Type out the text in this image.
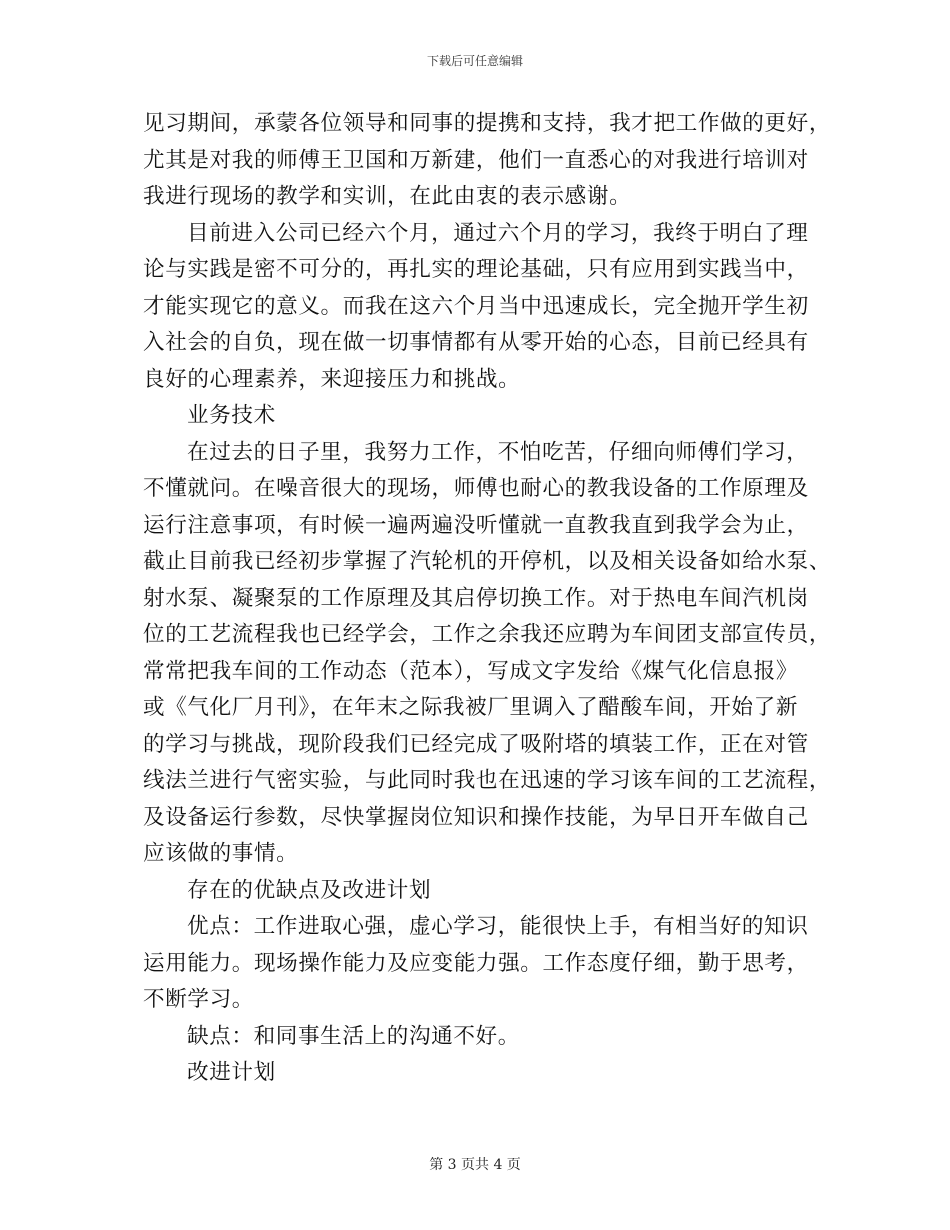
下载后可任意编辑
见习期间，承蒙各位领导和同事的提携和支持，我才把工作做的更好，
尤其是对我的师傅王卫国和万新建，他们一直悉心的对我进行培训对
我进行现场的教学和实训，在此由衷的表示感谢。
目前进入公司已经六个月，通过六个月的学习，我终于明白了理
论与实践是密不可分的，再扎实的理论基础，只有应用到实践当中，
才能实现它的意义。而我在这六个月当中迅速成长，完全抛开学生初
入社会的自负，现在做一切事情都有从零开始的心态，目前已经具有
良好的心理素养，来迎接压力和挑战。
业务技术
在过去的日子里，我努力工作，不怕吃苦，仔细向师傅们学习，
不懂就问。在噪音很大的现场，师傅也耐心的教我设备的工作原理及
运行注意事项，有时候一遍两遍没听懂就一直教我直到我学会为止，
截止目前我已经初步掌握了汽轮机的开停机，以及相关设备如给水泵、
射水泵、凝聚泵的工作原理及其启停切换工作。对于热电车间汽机岗
位的工艺流程我也已经学会，工作之余我还应聘为车间团支部宣传员，
常常把我车间的工作动态（范本），写成文字发给《煤气化信息报》
或《气化厂月刊》，在年末之际我被厂里调入了醋酸车间，开始了新
的学习与挑战，现阶段我们已经完成了吸附塔的填装工作，正在对管
线法兰进行气密实验，与此同时我也在迅速的学习该车间的工艺流程，
及设备运行参数，尽快掌握岗位知识和操作技能，为早日开车做自己
应该做的事情。
存在的优缺点及改进计划
优点：工作进取心强，虚心学习，能很快上手，有相当好的知识
运用能力。现场操作能力及应变能力强。工作态度仔细，勤于思考，
不断学习。
缺点：和同事生活上的沟通不好。
改进计划
第 3 页共 4 页
